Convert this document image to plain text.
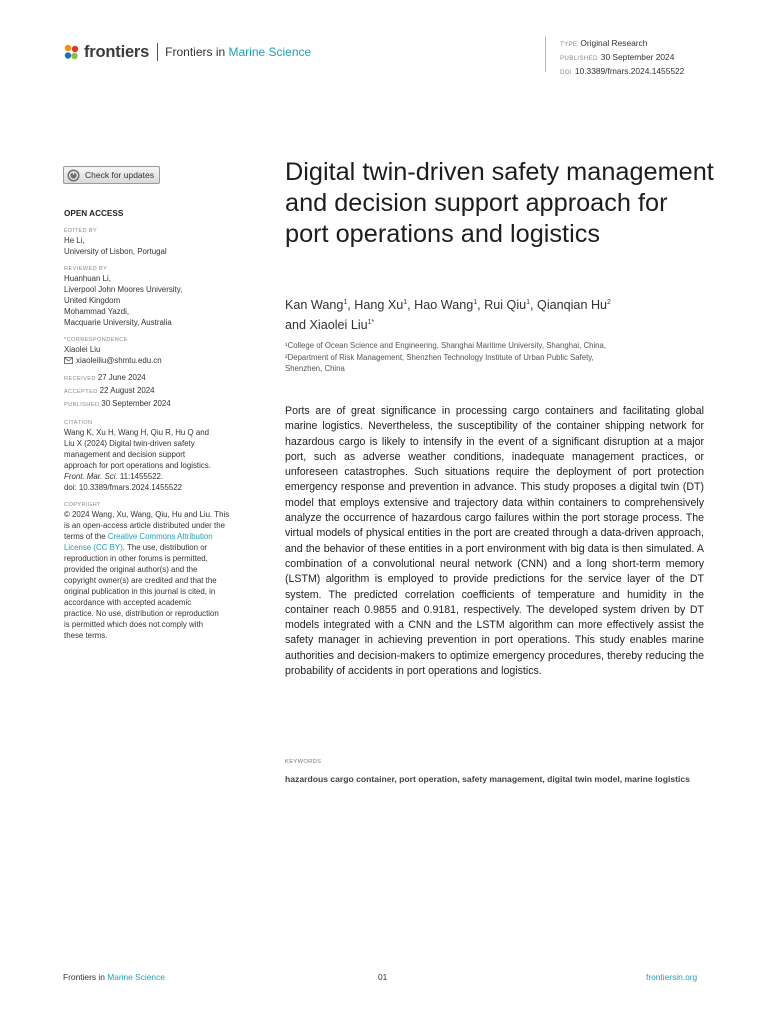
frontiers Frontiers in Marine Science
TYPE Original Research
PUBLISHED 30 September 2024
DOI 10.3389/fmars.2024.1455522
Check for updates
OPEN ACCESS
EDITED BY
He Li,
University of Lisbon, Portugal
REVIEWED BY
Huanhuan Li,
Liverpool John Moores University,
United Kingdom
Mohammad Yazdi,
Macquarie University, Australia
*CORRESPONDENCE
Xiaolei Liu
xiaoleiliu@shmtu.edu.cn
RECEIVED 27 June 2024
ACCEPTED 22 August 2024
PUBLISHED 30 September 2024
CITATION
Wang K, Xu H, Wang H, Qiu R, Hu Q and
Liu X (2024) Digital twin-driven safety
management and decision support
approach for port operations and logistics.
Front. Mar. Sci. 11:1455522.
doi: 10.3389/fmars.2024.1455522
COPYRIGHT
© 2024 Wang, Xu, Wang, Qiu, Hu and Liu. This
is an open-access article distributed under the
terms of the Creative Commons Attribution
License (CC BY). The use, distribution or
reproduction in other forums is permitted,
provided the original author(s) and the
copyright owner(s) are credited and that the
original publication in this journal is cited, in
accordance with accepted academic
practice. No use, distribution or reproduction
is permitted which does not comply with
these terms.
Digital twin-driven safety management and decision support approach for port operations and logistics
Kan Wang$^1$, Hang Xu$^1$, Hao Wang$^1$, Rui Qiu$^1$, Qianqian Hu$^2$
and Xiaolei Liu$^{1*}$
¹College of Ocean Science and Engineering, Shanghai Maritime University, Shanghai, China,
²Department of Risk Management, Shenzhen Technology Institute of Urban Public Safety,
Shenzhen, China

Ports are of great significance in processing cargo containers and facilitating global marine logistics. Nevertheless, the susceptibility of the container shipping network for hazardous cargo is likely to intensify in the event of a significant disruption at a major port, such as adverse weather conditions, inadequate management practices, or unforeseen catastrophes. Such situations require the deployment of port protection emergency response and prevention in advance. This study proposes a digital twin (DT) model that employs extensive and trajectory data within containers to comprehensively analyze the occurrence of hazardous cargo failures within the port storage process. The virtual models of physical entities in the port are created through a data-driven approach, and the behavior of these entities in a port environment with big data is then simulated. A combination of a convolutional neural network (CNN) and a long short-term memory (LSTM) algorithm is employed to provide predictions for the service layer of the DT system. The predicted correlation coefficients of temperature and humidity in the container reach 0.9855 and 0.9181, respectively. The developed system driven by DT models integrated with a CNN and the LSTM algorithm can more effectively assist the safety manager in achieving prevention in port operations. This study enables marine authorities and decision-makers to optimize emergency procedures, thereby reducing the probability of accidents in port operations and logistics.

KEYWORDS
hazardous cargo container, port operation, safety management, digital twin model, marine logistics
Frontiers in Marine Science	01	frontiersin.org
